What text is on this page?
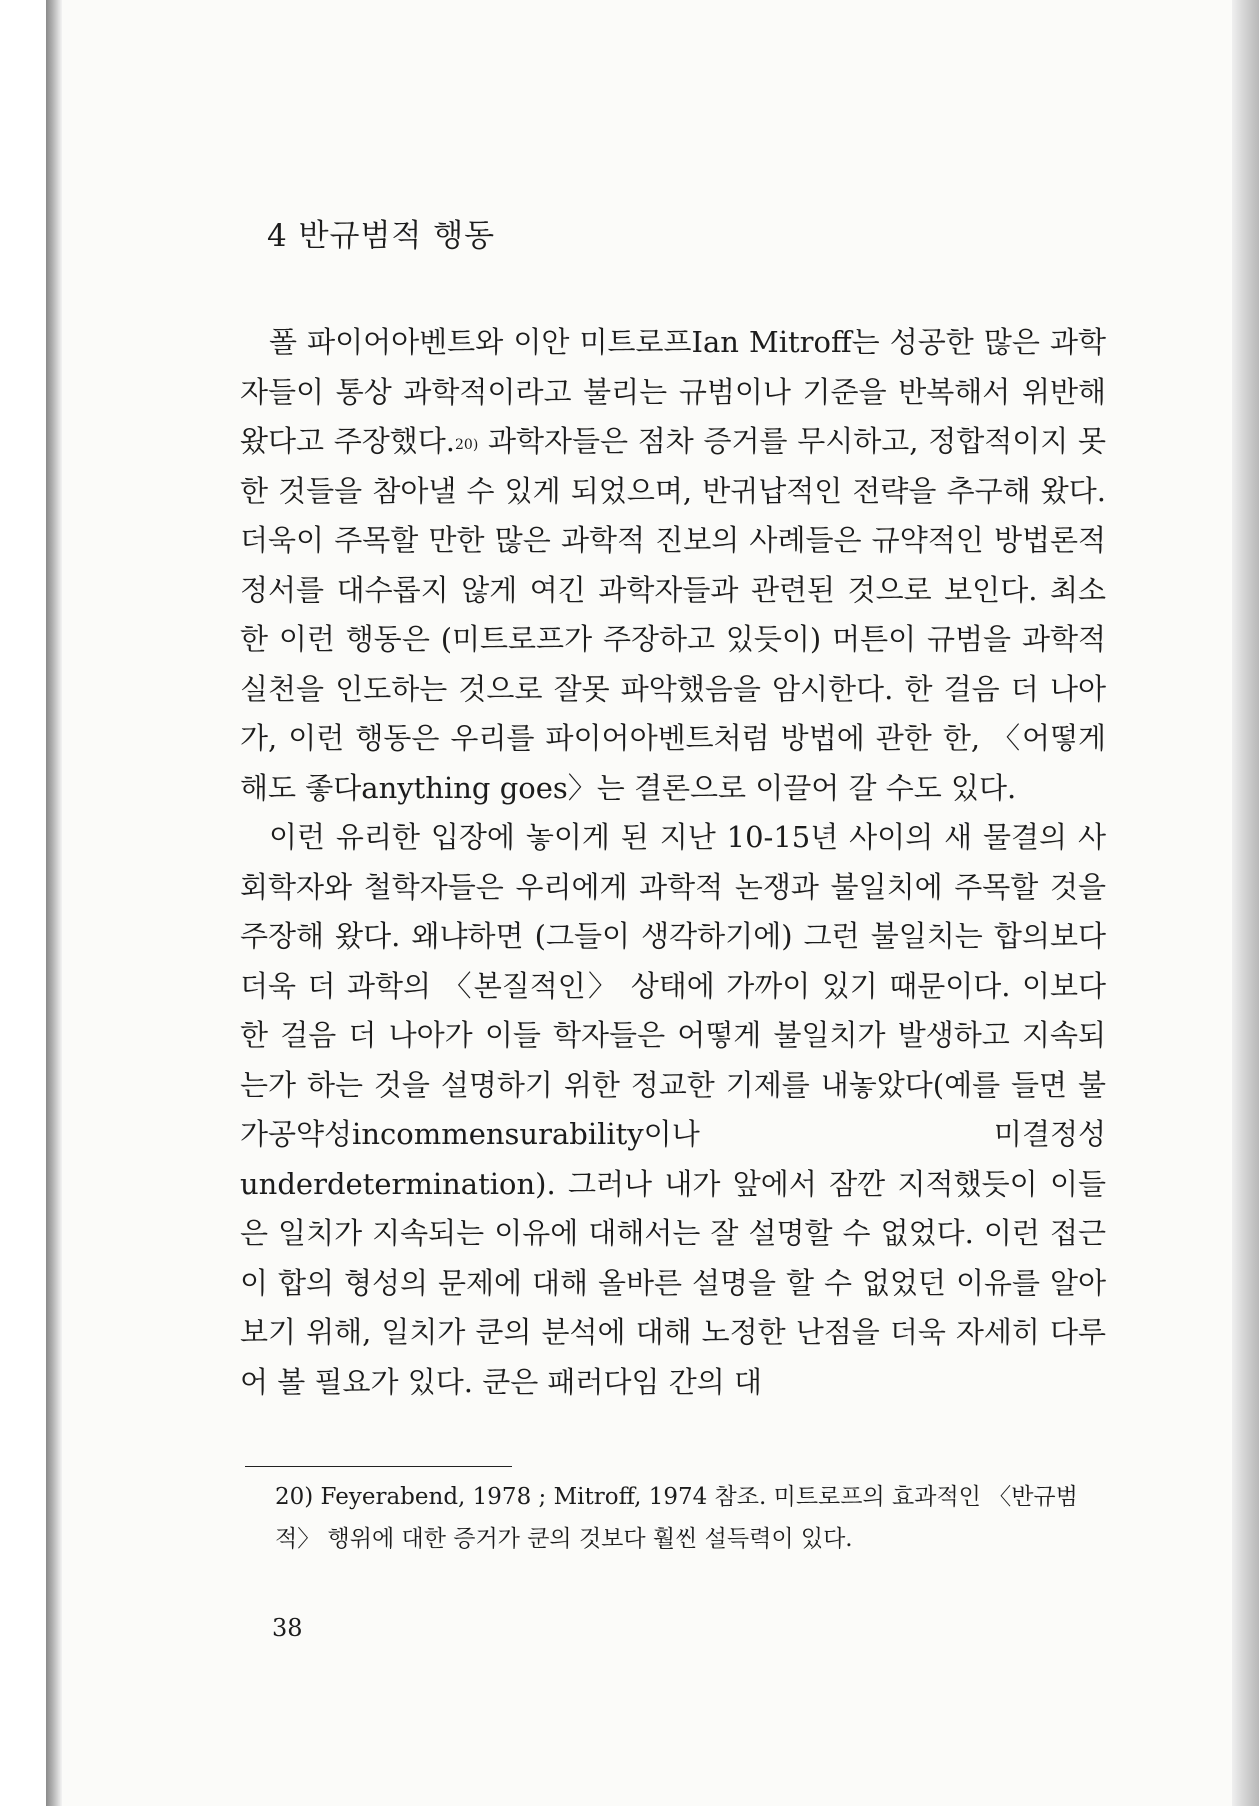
4 반규범적 행동

폴 파이어아벤트와 이안 미트로프Ian Mitroff는 성공한 많은 과학자들이 통상 과학적이라고 불리는 규범이나 기준을 반복해서 위반해 왔다고 주장했다.$^{20)}$ 과학자들은 점차 증거를 무시하고, 정합적이지 못한 것들을 참아낼 수 있게 되었으며, 반귀납적인 전략을 추구해 왔다. 더욱이 주목할 만한 많은 과학적 진보의 사례들은 규약적인 방법론적 정서를 대수롭지 않게 여긴 과학자들과 관련된 것으로 보인다. 최소한 이런 행동은 (미트로프가 주장하고 있듯이) 머튼이 규범을 과학적 실천을 인도하는 것으로 잘못 파악했음을 암시한다. 한 걸음 더 나아가, 이런 행동은 우리를 파이어아벤트처럼 방법에 관한 한, 〈어떻게 해도 좋다anything goes〉는 결론으로 이끌어 갈 수도 있다.

이런 유리한 입장에 놓이게 된 지난 10-15년 사이의 새 물결의 사회학자와 철학자들은 우리에게 과학적 논쟁과 불일치에 주목할 것을 주장해 왔다. 왜냐하면 (그들이 생각하기에) 그런 불일치는 합의보다 더욱 더 과학의 〈본질적인〉 상태에 가까이 있기 때문이다. 이보다 한 걸음 더 나아가 이들 학자들은 어떻게 불일치가 발생하고 지속되는가 하는 것을 설명하기 위한 정교한 기제를 내놓았다(예를 들면 불가공약성incommensurability이나 미결정성underdetermination). 그러나 내가 앞에서 잠깐 지적했듯이 이들은 일치가 지속되는 이유에 대해서는 잘 설명할 수 없었다. 이런 접근이 합의 형성의 문제에 대해 올바른 설명을 할 수 없었던 이유를 알아 보기 위해, 일치가 쿤의 분석에 대해 노정한 난점을 더욱 자세히 다루어 볼 필요가 있다. 쿤은 패러다임 간의 대

20) Feyerabend, 1978 ; Mitroff, 1974 참조. 미트로프의 효과적인 〈반규범적〉 행위에 대한 증거가 쿤의 것보다 훨씬 설득력이 있다.

38
